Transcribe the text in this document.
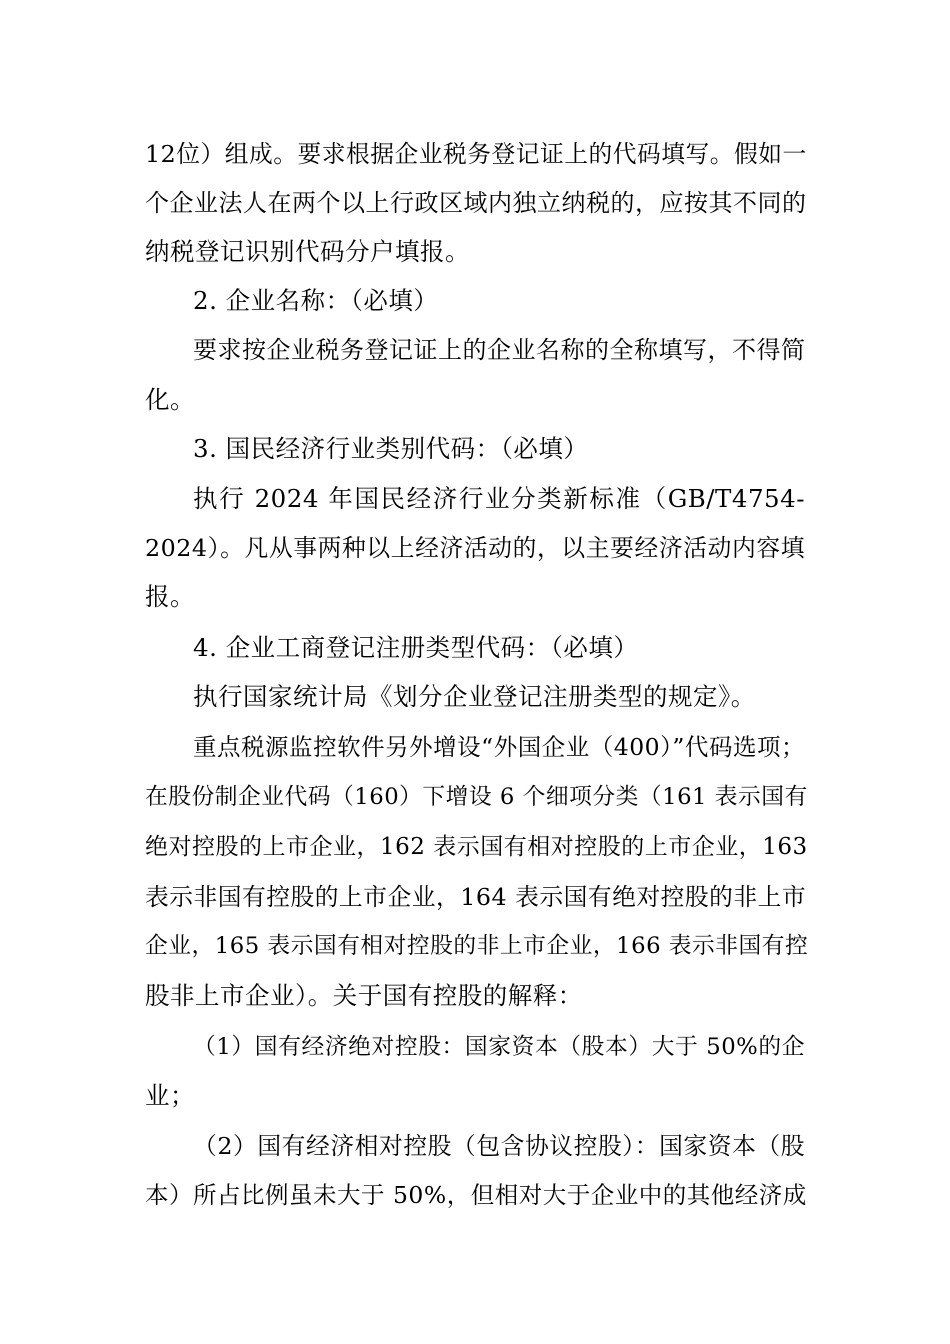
12位）组成。要求根据企业税务登记证上的代码填写。假如一
个企业法人在两个以上行政区域内独立纳税的，应按其不同的
纳税登记识别代码分户填报。
2. 企业名称：（必填）
要求按企业税务登记证上的企业名称的全称填写，不得简
化。
3. 国民经济行业类别代码：（必填）
执行 2024 年国民经济行业分类新标准（GB/T4754-
2024）。凡从事两种以上经济活动的，以主要经济活动内容填
报。
4. 企业工商登记注册类型代码：（必填）
执行国家统计局《划分企业登记注册类型的规定》。
重点税源监控软件另外增设“外国企业（400）”代码选项；
在股份制企业代码（160）下增设 6 个细项分类（161 表示国有
绝对控股的上市企业，162 表示国有相对控股的上市企业，163
表示非国有控股的上市企业，164 表示国有绝对控股的非上市
企业，165 表示国有相对控股的非上市企业，166 表示非国有控
股非上市企业）。关于国有控股的解释：
（1）国有经济绝对控股：国家资本（股本）大于 50%的企
业；
（2）国有经济相对控股（包含协议控股）：国家资本（股
本）所占比例虽未大于 50%，但相对大于企业中的其他经济成
